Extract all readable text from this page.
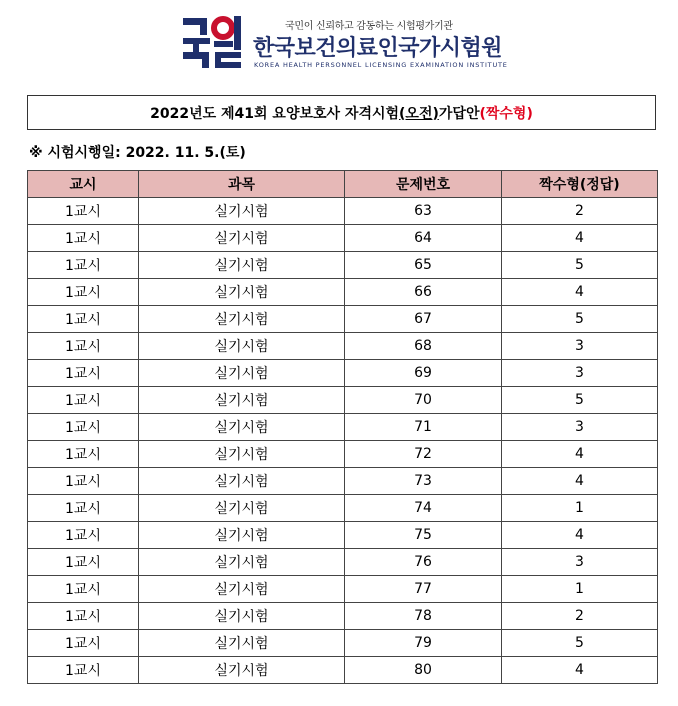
국민이 신뢰하고 감동하는 시험평가기관
한국보건의료인국가시험원
KOREA HEALTH PERSONNEL LICENSING EXAMINATION INSTITUTE
2022년도 제41회 요양보호사 자격시험 (오전) 가답안 (짝수형)
※ 시험시행일: 2022. 11. 5.(토)
교시	과목	문제번호	짝수형(정답)
1교시	실기시험	63	2
1교시	실기시험	64	4
1교시	실기시험	65	5
1교시	실기시험	66	4
1교시	실기시험	67	5
1교시	실기시험	68	3
1교시	실기시험	69	3
1교시	실기시험	70	5
1교시	실기시험	71	3
1교시	실기시험	72	4
1교시	실기시험	73	4
1교시	실기시험	74	1
1교시	실기시험	75	4
1교시	실기시험	76	3
1교시	실기시험	77	1
1교시	실기시험	78	2
1교시	실기시험	79	5
1교시	실기시험	80	4
